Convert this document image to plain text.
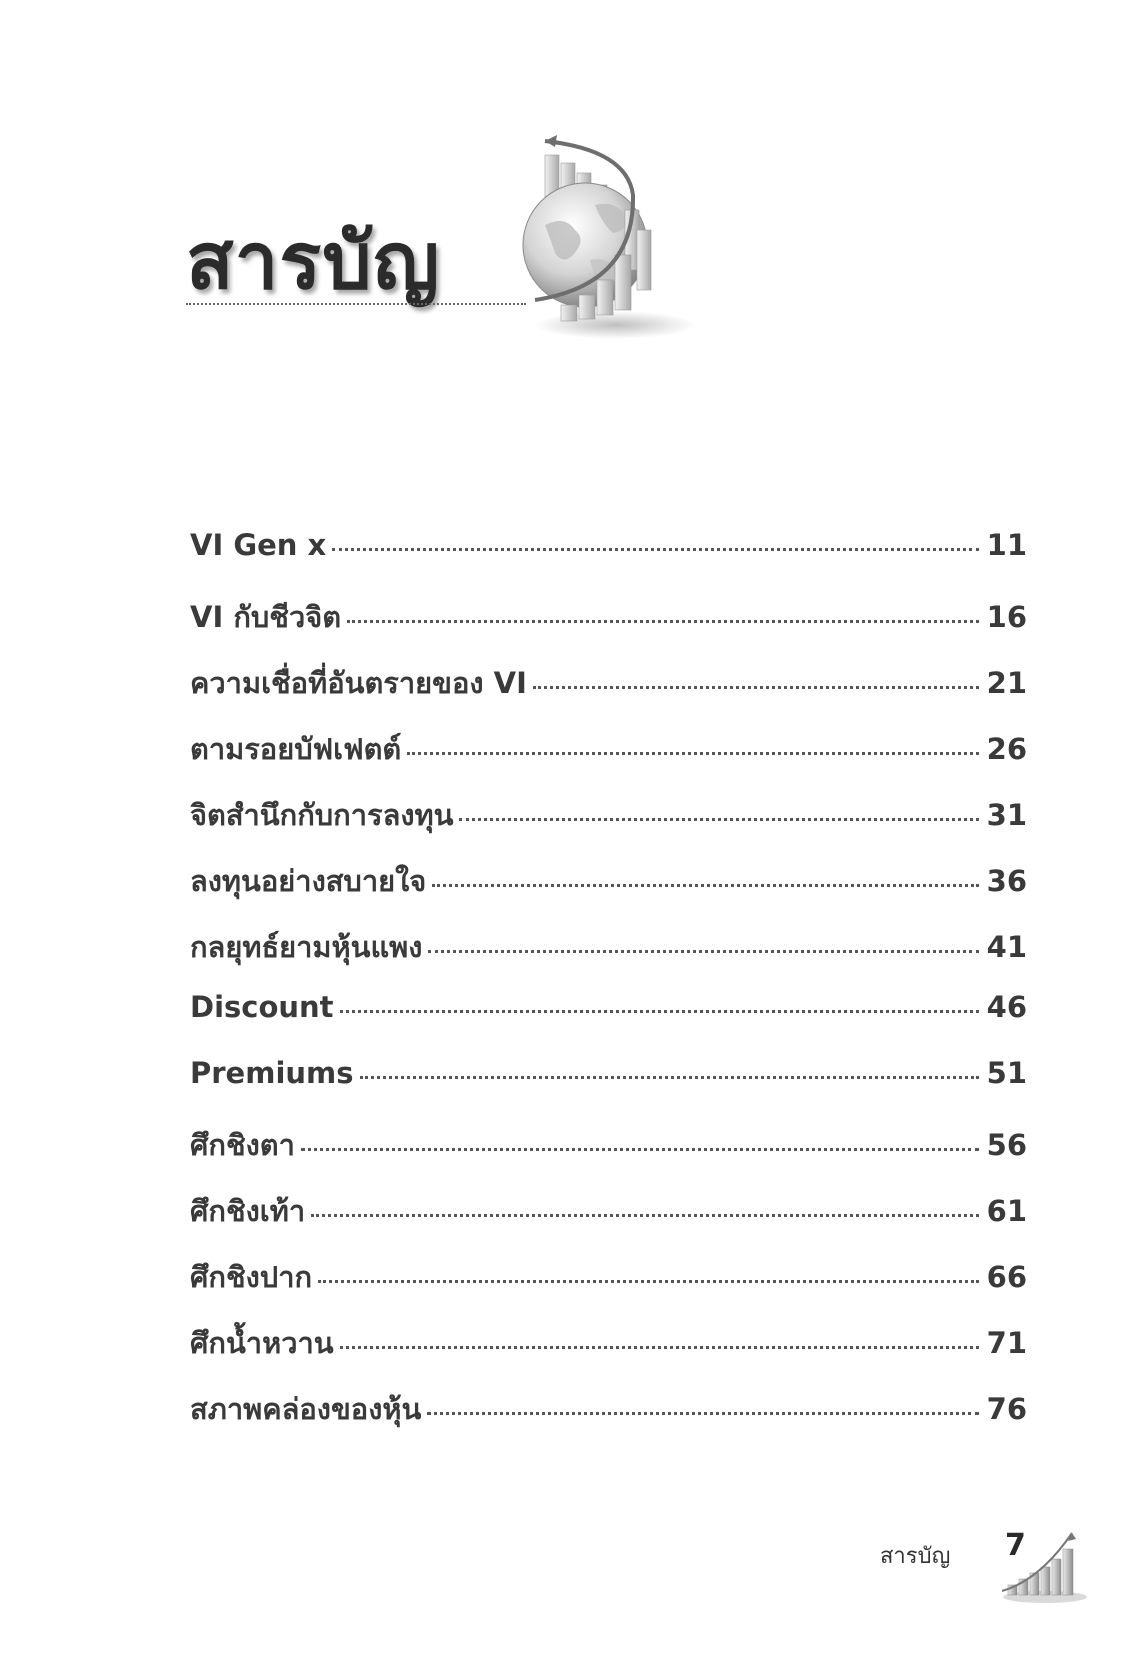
สารบัญ
VI Gen x	11
VI กับชีวจิต	16
ความเชื่อที่อันตรายของ VI	21
ตามรอยบัฟเฟตต์	26
จิตสำนึกกับการลงทุน	31
ลงทุนอย่างสบายใจ	36
กลยุทธ์ยามหุ้นแพง	41
Discount	46
Premiums	51
ศึกชิงตา	56
ศึกชิงเท้า	61
ศึกชิงปาก	66
ศึกน้ำหวาน	71
สภาพคล่องของหุ้น	76
สารบัญ 7
